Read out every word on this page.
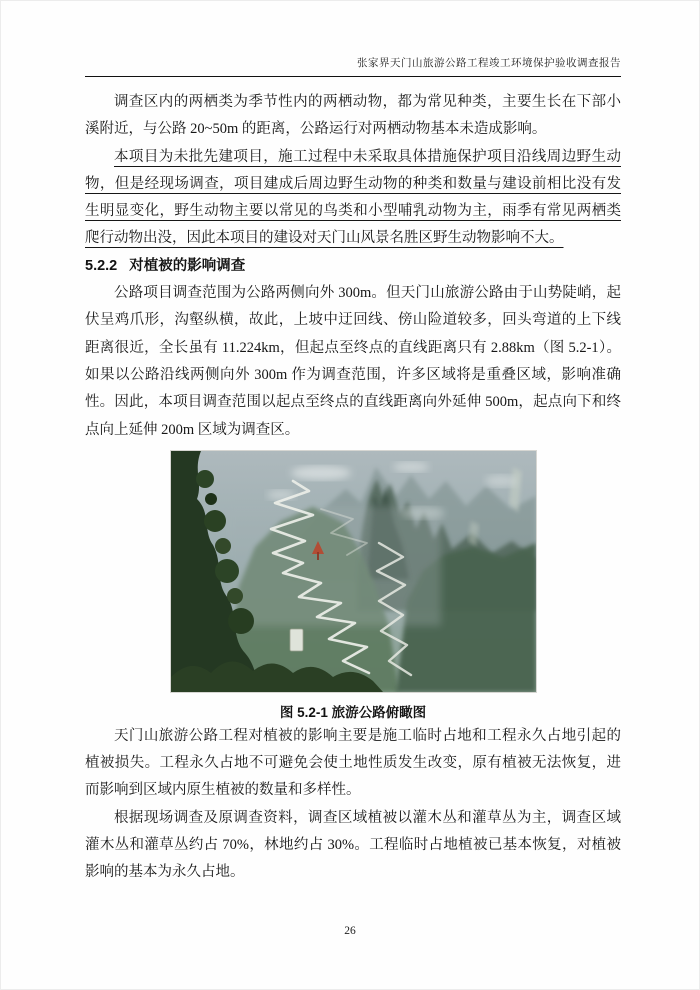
张家界天门山旅游公路工程竣工环境保护验收调查报告

调查区内的两栖类为季节性内的两栖动物，都为常见种类，主要生长在下部小溪附近，与公路 20~50m 的距离，公路运行对两栖动物基本未造成影响。

本项目为未批先建项目，施工过程中未采取具体措施保护项目沿线周边野生动物，但是经现场调查，项目建成后周边野生动物的种类和数量与建设前相比没有发生明显变化，野生动物主要以常见的鸟类和小型哺乳动物为主，雨季有常见两栖类爬行动物出没，因此本项目的建设对天门山风景名胜区野生动物影响不大。

5.2.2 对植被的影响调查

公路项目调查范围为公路两侧向外 300m。但天门山旅游公路由于山势陡峭，起伏呈鸡爪形，沟壑纵横，故此，上坡中迂回线、傍山险道较多，回头弯道的上下线距离很近，全长虽有 11.224km，但起点至终点的直线距离只有 2.88km（图 5.2-1）。如果以公路沿线两侧向外 300m 作为调查范围，许多区域将是重叠区域，影响准确性。因此，本项目调查范围以起点至终点的直线距离向外延伸 500m，起点向下和终点向上延伸 200m 区域为调查区。

图 5.2-1 旅游公路俯瞰图

天门山旅游公路工程对植被的影响主要是施工临时占地和工程永久占地引起的植被损失。工程永久占地不可避免会使土地性质发生改变，原有植被无法恢复，进而影响到区域内原生植被的数量和多样性。

根据现场调查及原调查资料，调查区域植被以灌木丛和灌草丛为主，调查区域灌木丛和灌草丛约占 70%，林地约占 30%。工程临时占地植被已基本恢复，对植被影响的基本为永久占地。

26
